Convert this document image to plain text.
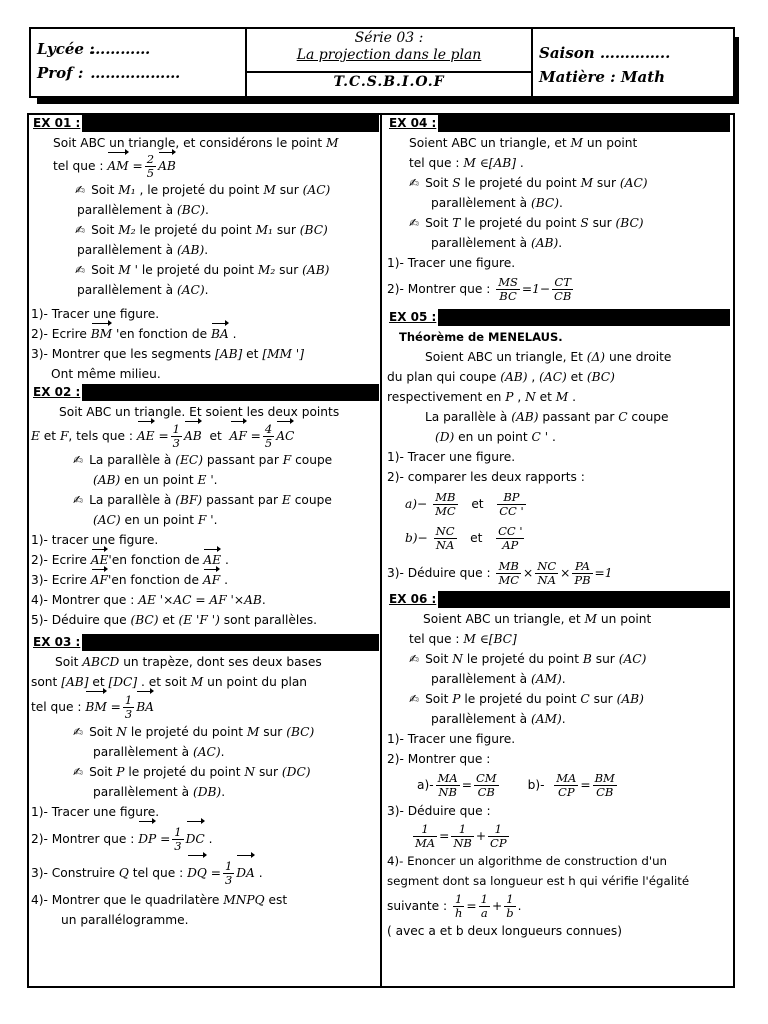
Lycée : …………
Prof : ………………
Série 03 :
La projection dans le plan
T.C.S.B.I.O.F
Saison …………..
Matière : Math
EX 01 :
Soit ABC un triangle, et considérons le point M
tel que : AM = $\frac{2}{5}$ AB
✍ Soit M₁ , le projeté du point M sur (AC)
parallèlement à (BC).
✍ Soit M₂ le projeté du point M₁ sur (BC)
parallèlement à (AB).
✍ Soit M ' le projeté du point M₂ sur (AB)
parallèlement à (AC).
1)- Tracer une figure.
2)- Ecrire BM 'en fonction de BA .
3)- Montrer que les segments [AB] et [MM ']
Ont même milieu.
EX 02 :
Soit ABC un triangle. Et soient les deux points
E et F, tels que : AE = $\frac{1}{3}$ AB et AF = $\frac{4}{5}$ AC
✍ La parallèle à (EC) passant par F coupe
(AB) en un point E '.
✍ La parallèle à (BF) passant par E coupe
(AC) en un point F '.
1)- tracer une figure.
2)- Ecrire AE'en fonction de AE .
3)- Ecrire AF'en fonction de AF .
4)- Montrer que : AE '×AC = AF '×AB.
5)- Déduire que (BC) et (E 'F ') sont parallèles.
EX 03 :
Soit ABCD un trapèze, dont ses deux bases
sont [AB] et [DC] . et soit M un point du plan
tel que : BM = $\frac{1}{3}$ BA
✍ Soit N le projeté du point M sur (BC)
parallèlement à (AC).
✍ Soit P le projeté du point N sur (DC)
parallèlement à (DB).
1)- Tracer une figure.
2)- Montrer que : DP = $\frac{1}{3}$ DC .
3)- Construire Q tel que : DQ = $\frac{1}{3}$ DA .
4)- Montrer que le quadrilatère MNPQ est
un parallélogramme.
EX 04 :
Soient ABC un triangle, et M un point
tel que : M ∈[AB] .
✍ Soit S le projeté du point M sur (AC)
parallèlement à (BC).
✍ Soit T le projeté du point S sur (BC)
parallèlement à (AB).
1)- Tracer une figure.
2)- Montrer que : $\frac{MS}{BC} =1- \frac{CT}{CB}$
EX 05 :
Théorème de MENELAUS.
Soient ABC un triangle, Et (Δ) une droite
du plan qui coupe (AB) , (AC) et (BC)
respectivement en P , N et M .
La parallèle à (AB) passant par C coupe
(D) en un point C ' .
1)- Tracer une figure.
2)- comparer les deux rapports :
$a)- \frac{MB}{MC}$ et $\frac{BP}{CC '}$
$b)- \frac{NC}{NA}$ et $\frac{CC '}{AP}$
3)- Déduire que : $\frac{MB}{MC} \times \frac{NC}{NA} \times \frac{PA}{PB} =1$
EX 06 :
Soient ABC un triangle, et M un point
tel que : M ∈[BC]
✍ Soit N le projeté du point B sur (AC)
parallèlement à (AM).
✍ Soit P le projeté du point C sur (AB)
parallèlement à (AM).
1)- Tracer une figure.
2)- Montrer que :
$a)- \frac{MA}{NB} = \frac{CM}{CB} b)- \frac{MA}{CP} = \frac{BM}{CB}$
3)- Déduire que :
$\frac{1}{MA} = \frac{1}{NB} + \frac{1}{CP}$
4)- Enoncer un algorithme de construction d'un
segment dont sa longueur est h qui vérifie l'égalité
suivante : $\frac{1}{h} = \frac{1}{a} + \frac{1}{b}$ .
( avec a et b deux longueurs connues)
